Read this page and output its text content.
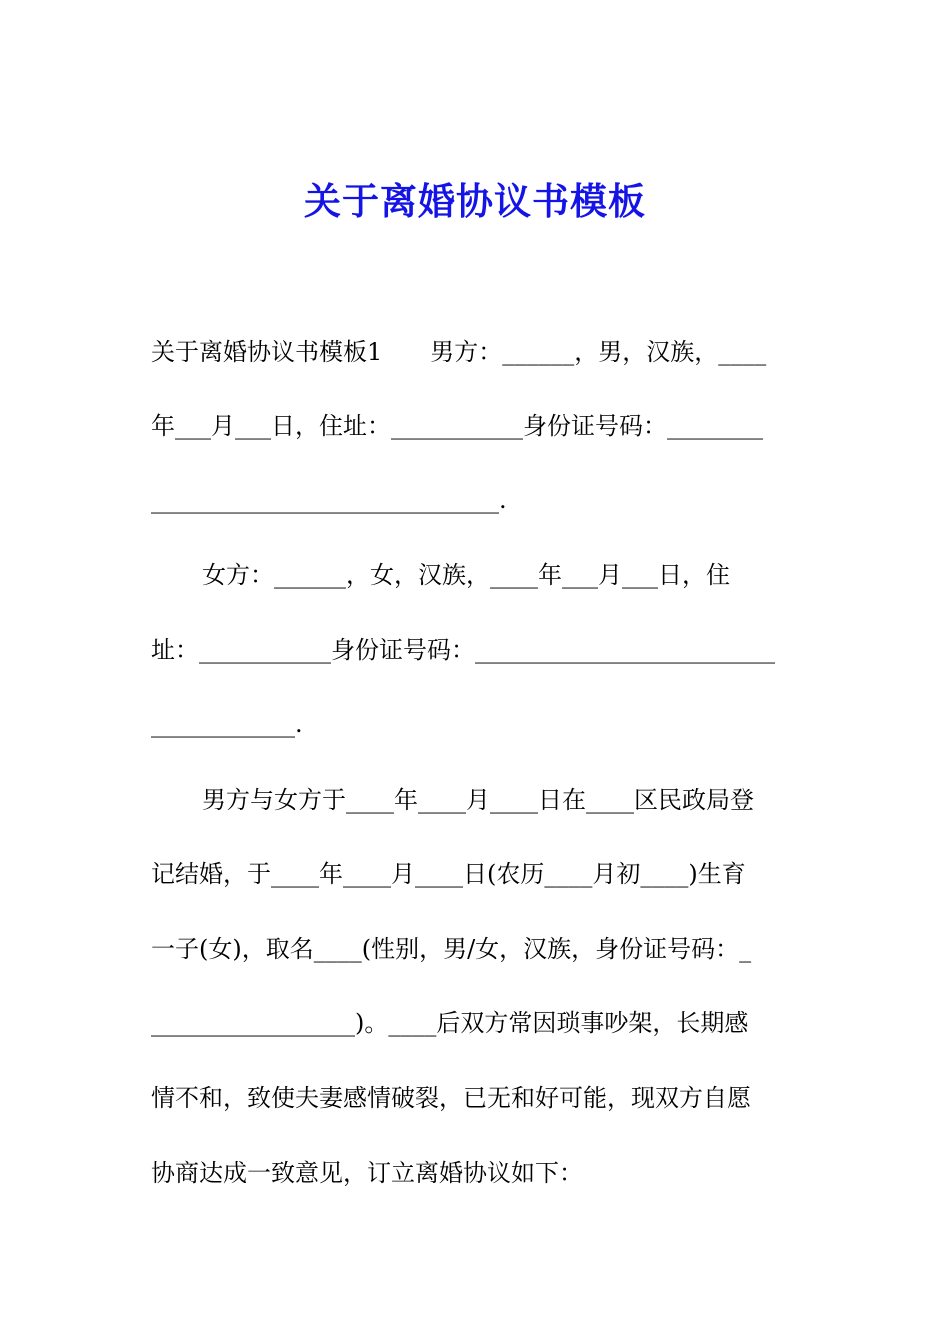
关于离婚协议书模板

关于离婚协议书模板1　　男方：______，男，汉族，____

年___月___日，住址：___________身份证号码：________

_____________________________.

女方：______，女，汉族，____年___月___日，住

址：___________身份证号码：_________________________

____________.

男方与女方于____年____月____日在____区民政局登

记结婚，于____年____月____日(农历____月初____)生育

一子(女)，取名____(性别，男/女，汉族，身份证号码：_

_________________)。____后双方常因琐事吵架，长期感

情不和，致使夫妻感情破裂，已无和好可能，现双方自愿

协商达成一致意见，订立离婚协议如下：
